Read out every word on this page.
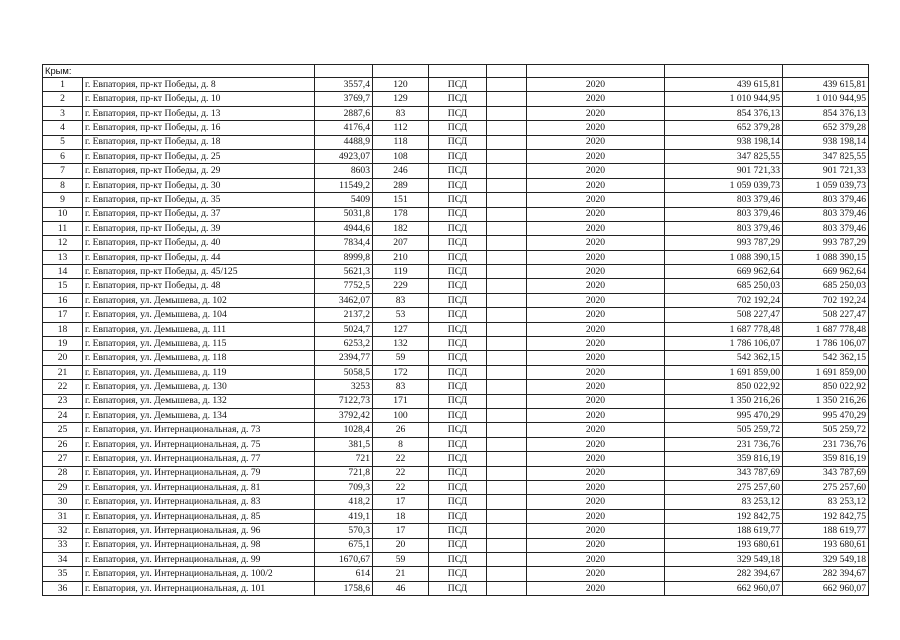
Крым:								
1	г. Евпатория, пр-кт Победы, д. 8	3557,4	120	ПСД		2020	439 615,81	439 615,81
2	г. Евпатория, пр-кт Победы, д. 10	3769,7	129	ПСД		2020	1 010 944,95	1 010 944,95
3	г. Евпатория, пр-кт Победы, д. 13	2887,6	83	ПСД		2020	854 376,13	854 376,13
4	г. Евпатория, пр-кт Победы, д. 16	4176,4	112	ПСД		2020	652 379,28	652 379,28
5	г. Евпатория, пр-кт Победы, д. 18	4488,9	118	ПСД		2020	938 198,14	938 198,14
6	г. Евпатория, пр-кт Победы, д. 25	4923,07	108	ПСД		2020	347 825,55	347 825,55
7	г. Евпатория, пр-кт Победы, д. 29	8603	246	ПСД		2020	901 721,33	901 721,33
8	г. Евпатория, пр-кт Победы, д. 30	11549,2	289	ПСД		2020	1 059 039,73	1 059 039,73
9	г. Евпатория, пр-кт Победы, д. 35	5409	151	ПСД		2020	803 379,46	803 379,46
10	г. Евпатория, пр-кт Победы, д. 37	5031,8	178	ПСД		2020	803 379,46	803 379,46
11	г. Евпатория, пр-кт Победы, д. 39	4944,6	182	ПСД		2020	803 379,46	803 379,46
12	г. Евпатория, пр-кт Победы, д. 40	7834,4	207	ПСД		2020	993 787,29	993 787,29
13	г. Евпатория, пр-кт Победы, д. 44	8999,8	210	ПСД		2020	1 088 390,15	1 088 390,15
14	г. Евпатория, пр-кт Победы, д. 45/125	5621,3	119	ПСД		2020	669 962,64	669 962,64
15	г. Евпатория, пр-кт Победы, д. 48	7752,5	229	ПСД		2020	685 250,03	685 250,03
16	г. Евпатория, ул. Демышева, д. 102	3462,07	83	ПСД		2020	702 192,24	702 192,24
17	г. Евпатория, ул. Демышева, д. 104	2137,2	53	ПСД		2020	508 227,47	508 227,47
18	г. Евпатория, ул. Демышева, д. 111	5024,7	127	ПСД		2020	1 687 778,48	1 687 778,48
19	г. Евпатория, ул. Демышева, д. 115	6253,2	132	ПСД		2020	1 786 106,07	1 786 106,07
20	г. Евпатория, ул. Демышева, д. 118	2394,77	59	ПСД		2020	542 362,15	542 362,15
21	г. Евпатория, ул. Демышева, д. 119	5058,5	172	ПСД		2020	1 691 859,00	1 691 859,00
22	г. Евпатория, ул. Демышева, д. 130	3253	83	ПСД		2020	850 022,92	850 022,92
23	г. Евпатория, ул. Демышева, д. 132	7122,73	171	ПСД		2020	1 350 216,26	1 350 216,26
24	г. Евпатория, ул. Демышева, д. 134	3792,42	100	ПСД		2020	995 470,29	995 470,29
25	г. Евпатория, ул. Интернациональная, д. 73	1028,4	26	ПСД		2020	505 259,72	505 259,72
26	г. Евпатория, ул. Интернациональная, д. 75	381,5	8	ПСД		2020	231 736,76	231 736,76
27	г. Евпатория, ул. Интернациональная, д. 77	721	22	ПСД		2020	359 816,19	359 816,19
28	г. Евпатория, ул. Интернациональная, д. 79	721,8	22	ПСД		2020	343 787,69	343 787,69
29	г. Евпатория, ул. Интернациональная, д. 81	709,3	22	ПСД		2020	275 257,60	275 257,60
30	г. Евпатория, ул. Интернациональная, д. 83	418,2	17	ПСД		2020	83 253,12	83 253,12
31	г. Евпатория, ул. Интернациональная, д. 85	419,1	18	ПСД		2020	192 842,75	192 842,75
32	г. Евпатория, ул. Интернациональная, д. 96	570,3	17	ПСД		2020	188 619,77	188 619,77
33	г. Евпатория, ул. Интернациональная, д. 98	675,1	20	ПСД		2020	193 680,61	193 680,61
34	г. Евпатория, ул. Интернациональная, д. 99	1670,67	59	ПСД		2020	329 549,18	329 549,18
35	г. Евпатория, ул. Интернациональная, д. 100/2	614	21	ПСД		2020	282 394,67	282 394,67
36	г. Евпатория, ул. Интернациональная, д. 101	1758,6	46	ПСД		2020	662 960,07	662 960,07
